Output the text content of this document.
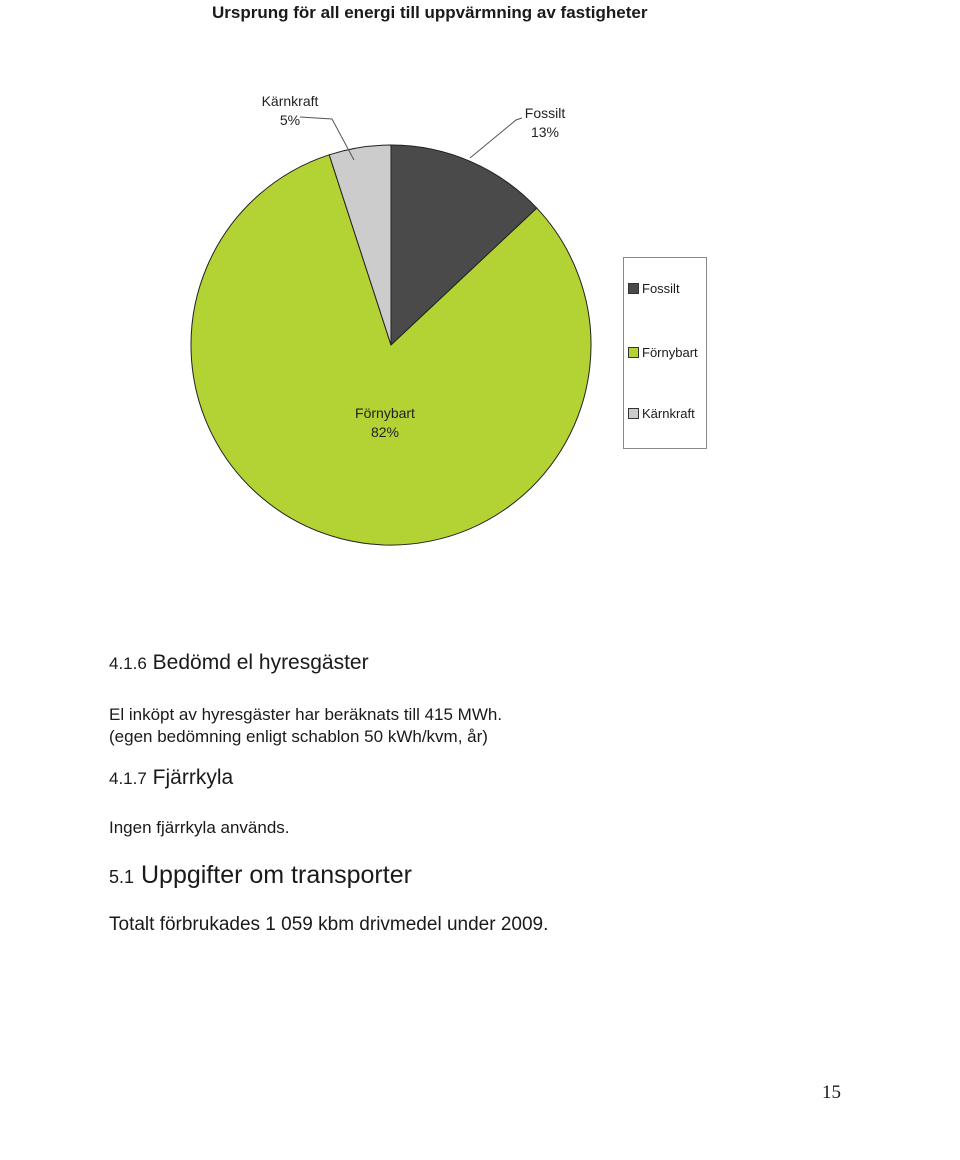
Ursprung för all energi till uppvärmning av fastigheter
Kärnkraft
5%	Fossilt
13%
Förnybart
82%
Fossilt
Förnybart
Kärnkraft
4.1.6 Bedömd el hyresgäster
El inköpt av hyresgäster har beräknats till 415 MWh.
(egen bedömning enligt schablon 50 kWh/kvm, år)
4.1.7 Fjärrkyla
Ingen fjärrkyla används.
5.1 Uppgifter om transporter
Totalt förbrukades 1 059 kbm drivmedel under 2009.
15
